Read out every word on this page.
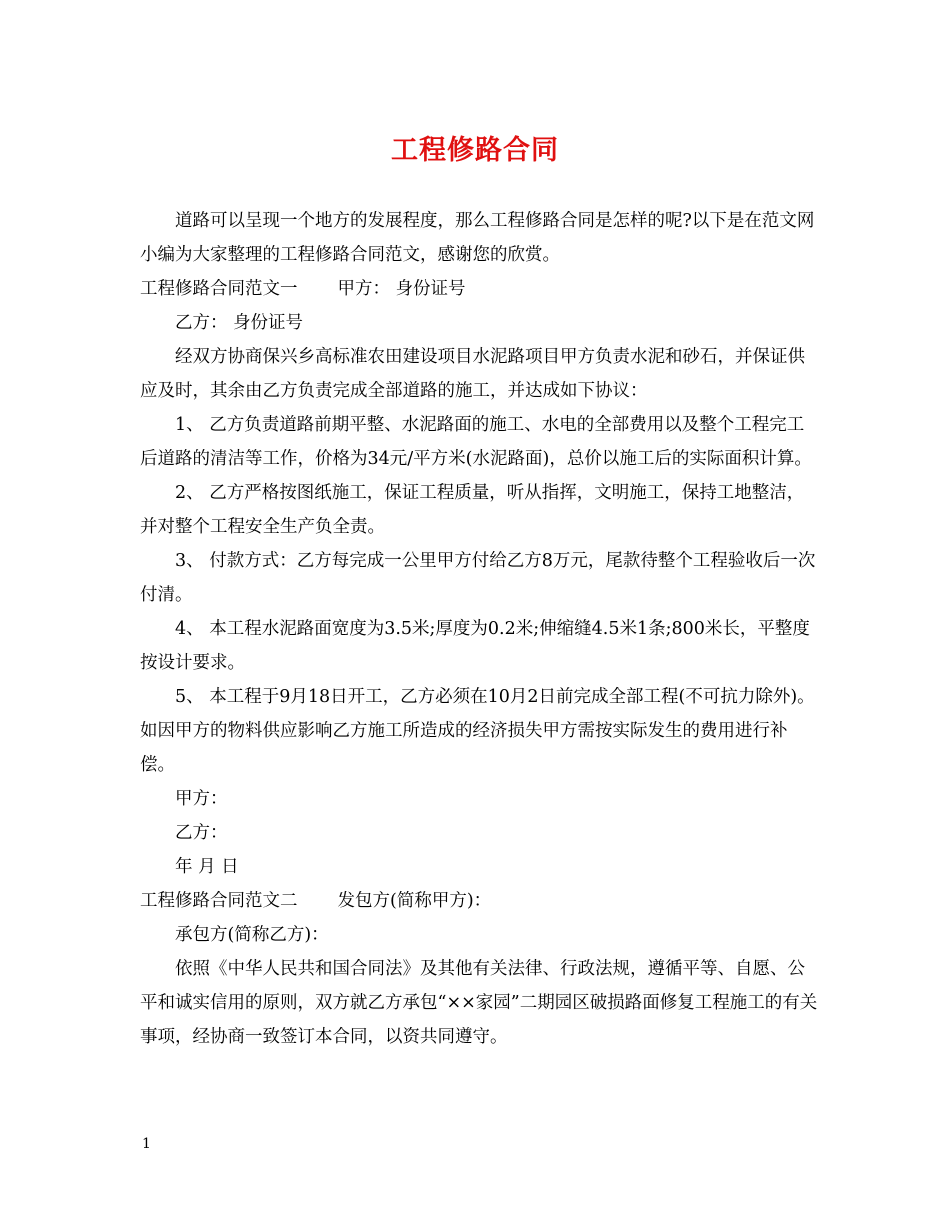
工程修路合同

道路可以呈现一个地方的发展程度，那么工程修路合同是怎样的呢?以下是在范文网小编为大家整理的工程修路合同范文，感谢您的欣赏。

工程修路合同范文一 甲方： 身份证号

乙方： 身份证号

经双方协商保兴乡高标准农田建设项目水泥路项目甲方负责水泥和砂石，并保证供应及时，其余由乙方负责完成全部道路的施工，并达成如下协议：

1、 乙方负责道路前期平整、水泥路面的施工、水电的全部费用以及整个工程完工后道路的清洁等工作，价格为34元/平方米(水泥路面)，总价以施工后的实际面积计算。

2、 乙方严格按图纸施工，保证工程质量，听从指挥，文明施工，保持工地整洁，并对整个工程安全生产负全责。

3、 付款方式：乙方每完成一公里甲方付给乙方8万元，尾款待整个工程验收后一次付清。

4、 本工程水泥路面宽度为3.5米;厚度为0.2米;伸缩缝4.5米1条;800米长，平整度按设计要求。

5、 本工程于9月18日开工，乙方必须在10月2日前完成全部工程(不可抗力除外)。如因甲方的物料供应影响乙方施工所造成的经济损失甲方需按实际发生的费用进行补偿。

甲方：

乙方：

年 月 日

工程修路合同范文二 发包方(简称甲方)：

承包方(简称乙方)：

依照《中华人民共和国合同法》及其他有关法律、行政法规，遵循平等、自愿、公平和诚实信用的原则，双方就乙方承包“××家园”二期园区破损路面修复工程施工的有关事项，经协商一致签订本合同，以资共同遵守。

1
